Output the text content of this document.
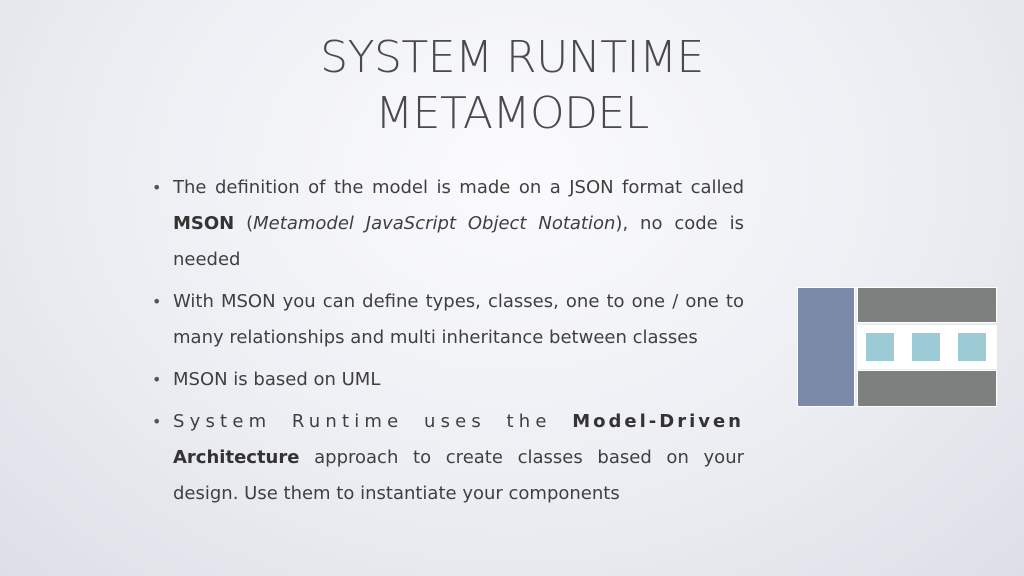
SYSTEM RUNTIME
METAMODEL
• The definition of the model is made on a JSON format called MSON (Metamodel JavaScript Object Notation), no code is needed
• With MSON you can define types, classes, one to one / one to many relationships and multi inheritance between classes
• MSON is based on UML
• System Runtime uses the Model-Driven Architecture approach to create classes based on your design. Use them to instantiate your components
